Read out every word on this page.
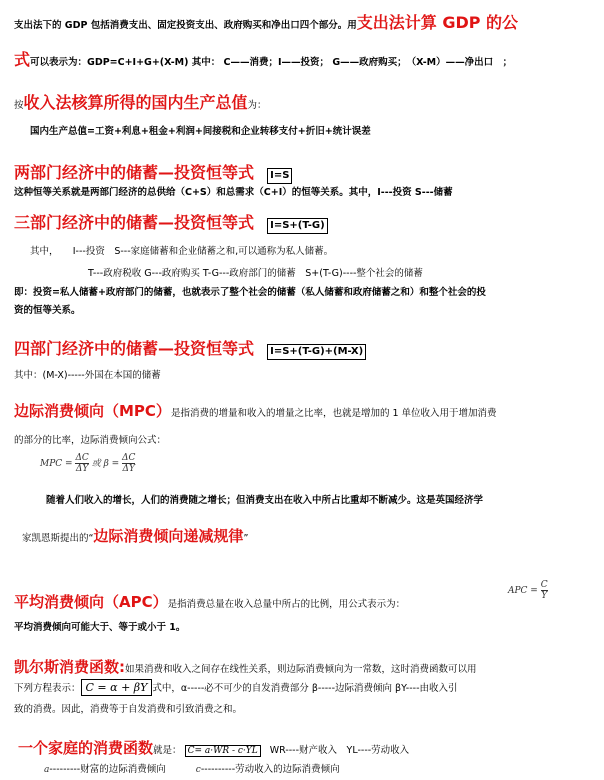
支出法下的 GDP 包括消费支出、固定投资支出、政府购买和净出口四个部分。用支出法计算 GDP 的公
式可以表示为：GDP=C+I+G+(X-M) 其中： C——消费；I——投资； G——政府购买；　（X-M）——净出口　；
按收入法核算所得的国内生产总值为：
国内生产总值=工资+利息+租金+利润+间接税和企业转移支付+折旧+统计误差
两部门经济中的储蓄—投资恒等式 I=S
这种恒等关系就是两部门经济的总供给（C+S）和总需求（C+I）的恒等关系。其中，I---投资 S---储蓄
三部门经济中的储蓄—投资恒等式 I=S+(T-G)
其中，　　I---投资　S---家庭储蓄和企业储蓄之和,可以通称为私人储蓄。
T---政府税收 G---政府购买 T-G---政府部门的储蓄　S+(T-G)----整个社会的储蓄
即：投资=私人储蓄+政府部门的储蓄，也就表示了整个社会的储蓄（私人储蓄和政府储蓄之和）和整个社会的投
资的恒等关系。
四部门经济中的储蓄—投资恒等式 I=S+(T-G)+(M-X)
其中：(M-X)-----外国在本国的储蓄
边际消费倾向（MPC）是指消费的增量和收入的增量之比率，也就是增加的 1 单位收入用于增加消费
的部分的比率，边际消费倾向公式：
MPC = $\frac{\Delta C}{\Delta Y}$ 或 $\beta = \frac{\Delta C}{\Delta Y}$
随着人们收入的增长，人们的消费随之增长；但消费支出在收入中所占比重却不断减少。这是英国经济学
家凯恩斯提出的“边际消费倾向递减规律”
平均消费倾向（APC）是指消费总量在收入总量中所占的比例，用公式表示为：
APC = $\frac{C}{Y}$
平均消费倾向可能大于、等于或小于 1。
凯尔斯消费函数:如果消费和收入之间存在线性关系，则边际消费倾向为一常数，这时消费函数可以用
下列方程表示： C = α + βY 式中，α-----必不可少的自发消费部分 β-----边际消费倾向 βY----由收入引
致的消费。因此，消费等于自发消费和引致消费之和。
一个家庭的消费函数就是： C= a·WR - c·YL WR----财产收入　YL----劳动收入
a---------财富的边际消费倾向	c----------劳动收入的边际消费倾向
